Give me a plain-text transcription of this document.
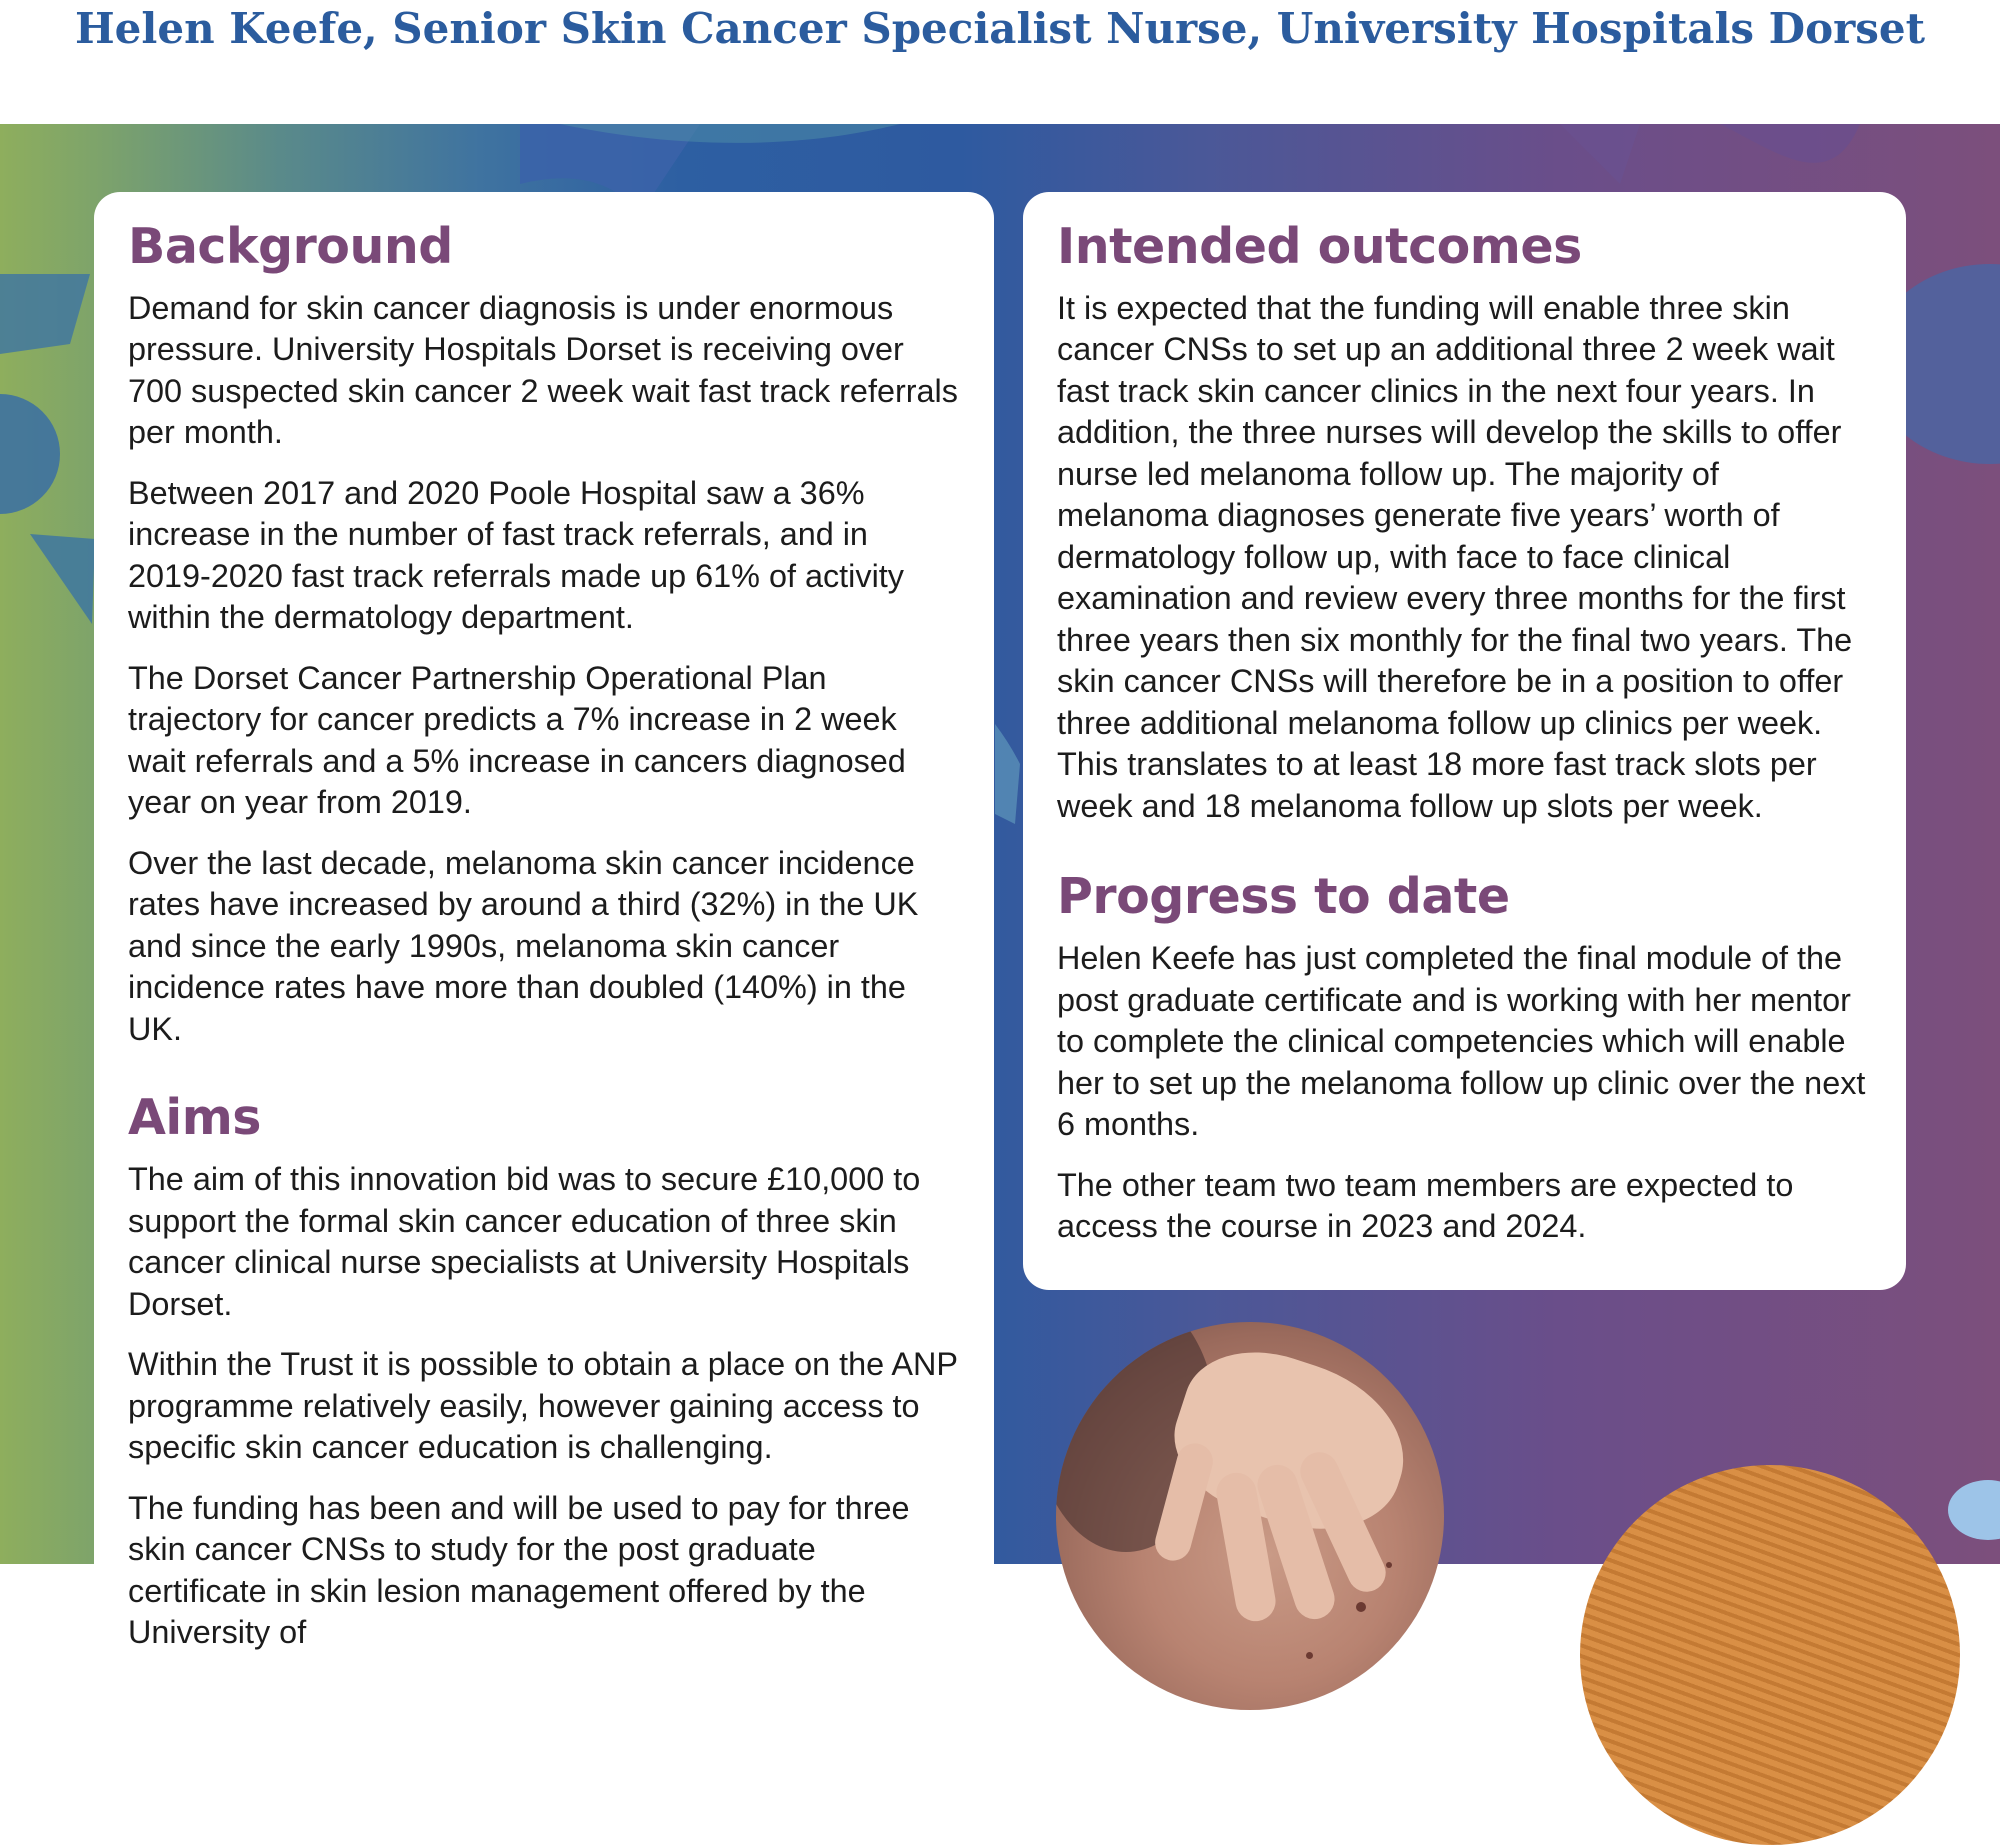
Helen Keefe, Senior Skin Cancer Specialist Nurse, University Hospitals Dorset

Background

Demand for skin cancer diagnosis is under enormous pressure. University Hospitals Dorset is receiving over 700 suspected skin cancer 2 week wait fast track referrals per month.

Between 2017 and 2020 Poole Hospital saw a 36% increase in the number of fast track referrals, and in 2019-2020 fast track referrals made up 61% of activity within the dermatology department.

The Dorset Cancer Partnership Operational Plan trajectory for cancer predicts a 7% increase in 2 week wait referrals and a 5% increase in cancers diagnosed year on year from 2019.

Over the last decade, melanoma skin cancer incidence rates have increased by around a third (32%) in the UK and since the early 1990s, melanoma skin cancer incidence rates have more than doubled (140%) in the UK.

Aims

The aim of this innovation bid was to secure £10,000 to support the formal skin cancer education of three skin cancer clinical nurse specialists at University Hospitals Dorset.

Within the Trust it is possible to obtain a place on the ANP programme relatively easily, however gaining access to specific skin cancer education is challenging.

The funding has been and will be used to pay for three skin cancer CNSs to study for the post graduate certificate in skin lesion management offered by the University of

Intended outcomes

It is expected that the funding will enable three skin cancer CNSs to set up an additional three 2 week wait fast track skin cancer clinics in the next four years. In addition, the three nurses will develop the skills to offer nurse led melanoma follow up. The majority of melanoma diagnoses generate five years’ worth of dermatology follow up, with face to face clinical examination and review every three months for the first three years then six monthly for the final two years. The skin cancer CNSs will therefore be in a position to offer three additional melanoma follow up clinics per week. This translates to at least 18 more fast track slots per week and 18 melanoma follow up slots per week.

Progress to date

Helen Keefe has just completed the final module of the post graduate certificate and is working with her mentor to complete the clinical competencies which will enable her to set up the melanoma follow up clinic over the next 6 months.

The other team two team members are expected to access the course in 2023 and 2024.
